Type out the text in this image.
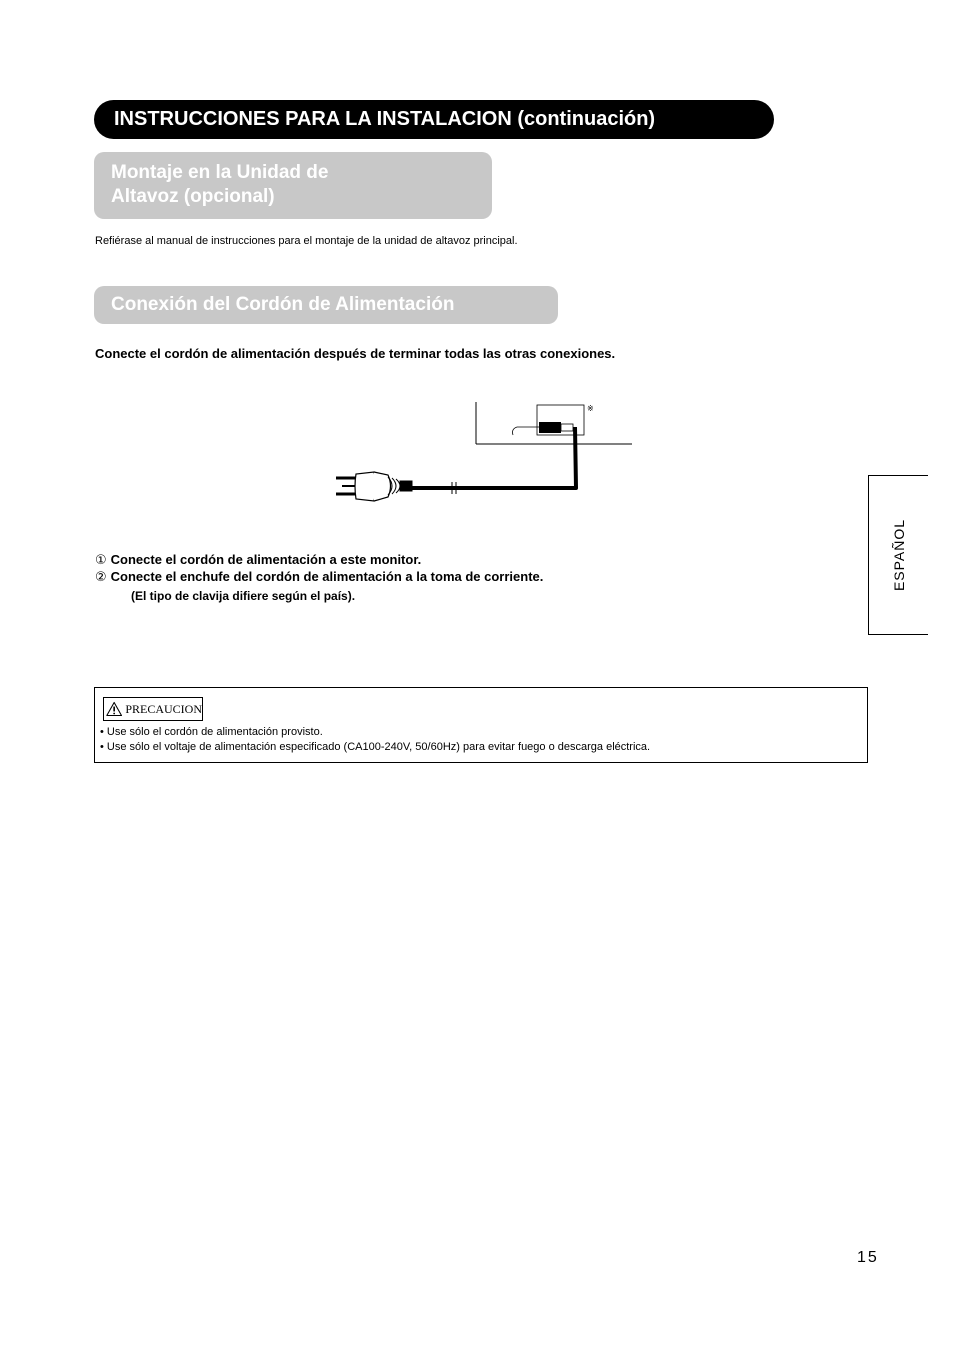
INSTRUCCIONES PARA LA INSTALACION (continuación)
Montaje en la Unidad de
Altavoz (opcional)
Refiérase al manual de instrucciones para el montaje de la unidad de altavoz principal.
Conexión del Cordón de Alimentación
Conecte el cordón de alimentación después de terminar todas las otras conexiones.
※
① Conecte el cordón de alimentación a este monitor.
② Conecte el enchufe del cordón de alimentación a la toma de corriente.
(El tipo de clavija difiere según el país).
ESPAÑOL
PRECAUCION
• Use sólo el cordón de alimentación provisto.
• Use sólo el voltaje de alimentación especificado (CA100-240V, 50/60Hz) para evitar fuego o descarga eléctrica.
15
